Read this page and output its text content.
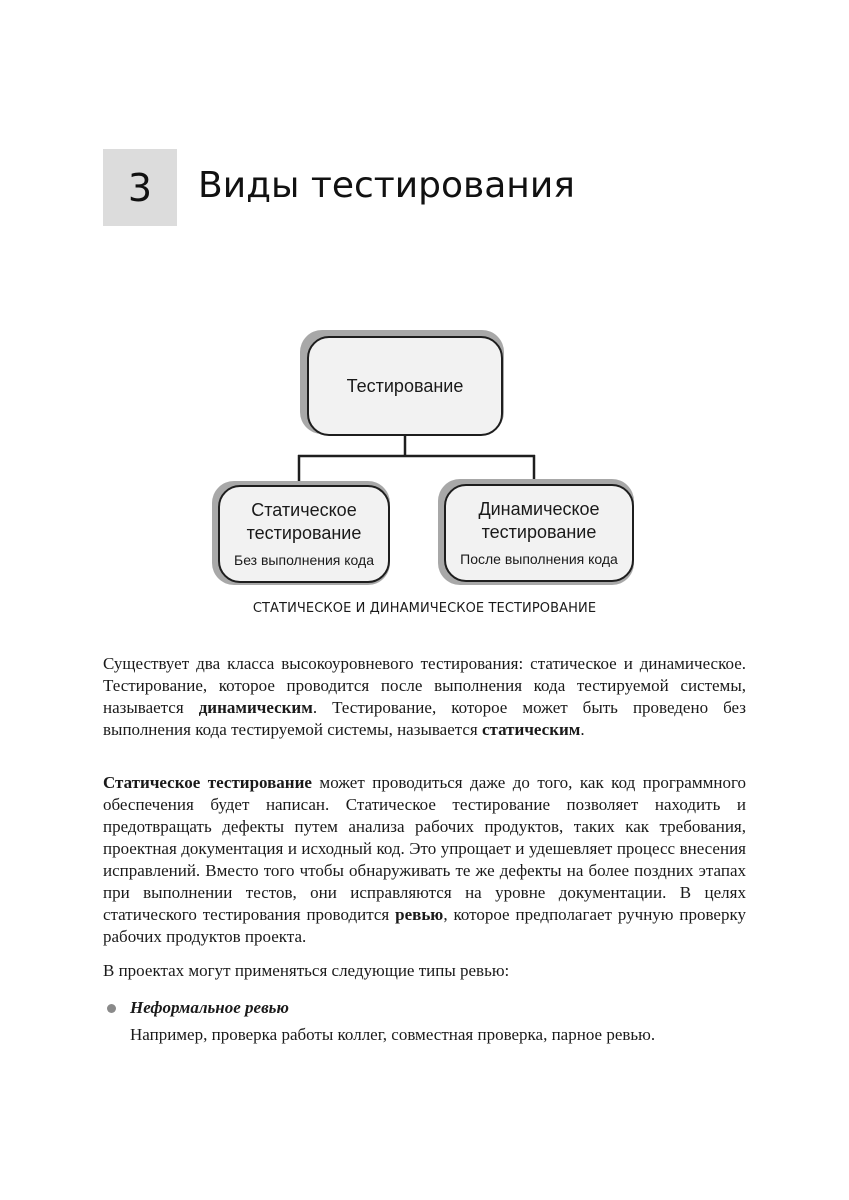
3 Виды тестирования
Тестирование
Статическое
тестирование
Без выполнения кода
Динамическое
тестирование
После выполнения кода
СТАТИЧЕСКОЕ И ДИНАМИЧЕСКОЕ ТЕСТИРОВАНИЕ

Существует два класса высокоуровневого тестирования: статическое и динамическое. Тестирование, которое проводится после выполнения кода тестируемой системы, называется динамическим. Тестирование, которое может быть проведено без выполнения кода тестируемой системы, называется статическим.

Статическое тестирование может проводиться даже до того, как код программного обеспечения будет написан. Статическое тестирование позволяет находить и предотвращать дефекты путем анализа рабочих продуктов, таких как требования, проектная документация и исходный код. Это упрощает и удешевляет процесс внесения исправлений. Вместо того чтобы обнаруживать те же дефекты на более поздних этапах при выполнении тестов, они исправляются на уровне документации. В целях статического тестирования проводится ревью, которое предполагает ручную проверку рабочих продуктов проекта.

В проектах могут применяться следующие типы ревью:

Неформальное ревью
Например, проверка работы коллег, совместная проверка, парное ревью.
